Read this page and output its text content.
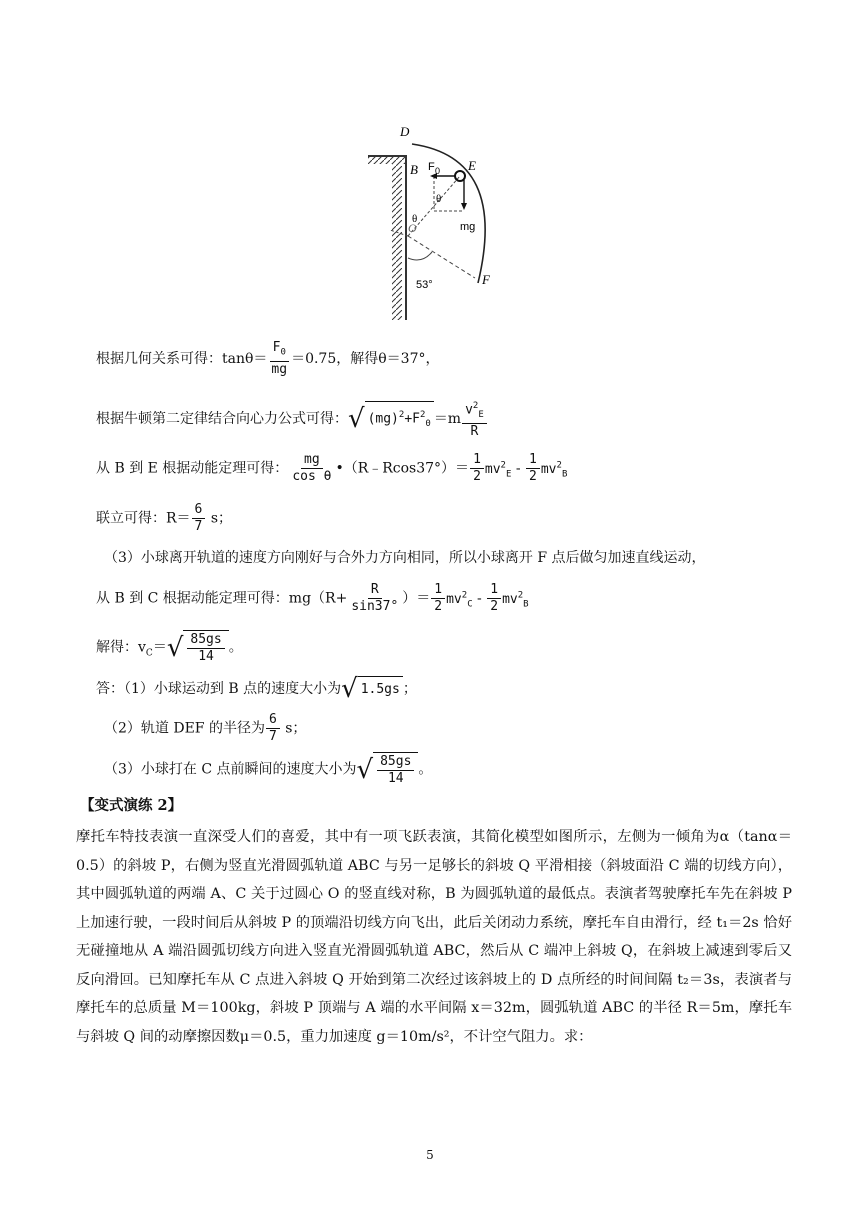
D
B	E
F 0
θ
θ
O	mg
53°	F
根据几何关系可得：$\tan\theta= \frac{F_0}{mg} =0.75$，解得θ＝37°，
根据牛顿第二定律结合向心力公式可得： √ $(mg)^2+F^2_0 =m \frac{v^2_E}{R}$
从 B 到 E 根据动能定理可得： $\frac{mg}{\text{cos θ}}$ •（R﹣Rcos37°）＝ $\frac{1}{2} mv^2_E - \frac{1}{2} mv^2_B$
联立可得：$R= \frac{6}{7}$ s；
（3）小球离开轨道的速度方向刚好与合外力方向相同，所以小球离开 F 点后做匀加速直线运动，
从 B 到 C 根据动能定理可得：$mg(R+ \frac{R}{\sin 37^\circ}$ ）＝ $\frac{1}{2} mv^2_C - \frac{1}{2} mv^2_B$
解得：$v_C=$ √ $\frac{85gs}{14}$ 。
答：（1）小球运动到 B 点的速度大小为 √ 1.5gs ；
（2）轨道 DEF 的半径为 $\frac{6}{7}$ s；
（3）小球打在 C 点前瞬间的速度大小为 √ $\frac{85gs}{14}$ 。
【变式演练 2】
摩托车特技表演一直深受人们的喜爱，其中有一项飞跃表演，其简化模型如图所示，左侧为一倾角为α（tanα＝0.5）的斜坡 P，右侧为竖直光滑圆弧轨道 ABC 与另一足够长的斜坡 Q 平滑相接（斜坡面沿 C 端的切线方向），其中圆弧轨道的两端 A、C 关于过圆心 O 的竖直线对称，B 为圆弧轨道的最低点。表演者驾驶摩托车先在斜坡 P 上加速行驶，一段时间后从斜坡 P 的顶端沿切线方向飞出，此后关闭动力系统，摩托车自由滑行，经 t₁＝2s 恰好无碰撞地从 A 端沿圆弧切线方向进入竖直光滑圆弧轨道 ABC，然后从 C 端冲上斜坡 Q，在斜坡上减速到零后又反向滑回。已知摩托车从 C 点进入斜坡 Q 开始到第二次经过该斜坡上的 D 点所经的时间间隔 t₂＝3s，表演者与摩托车的总质量 M＝100kg，斜坡 P 顶端与 A 端的水平间隔 x＝32m，圆弧轨道 ABC 的半径 R＝5m，摩托车与斜坡 Q 间的动摩擦因数μ＝0.5，重力加速度 g＝10m/s²，不计空气阻力。求：
5
